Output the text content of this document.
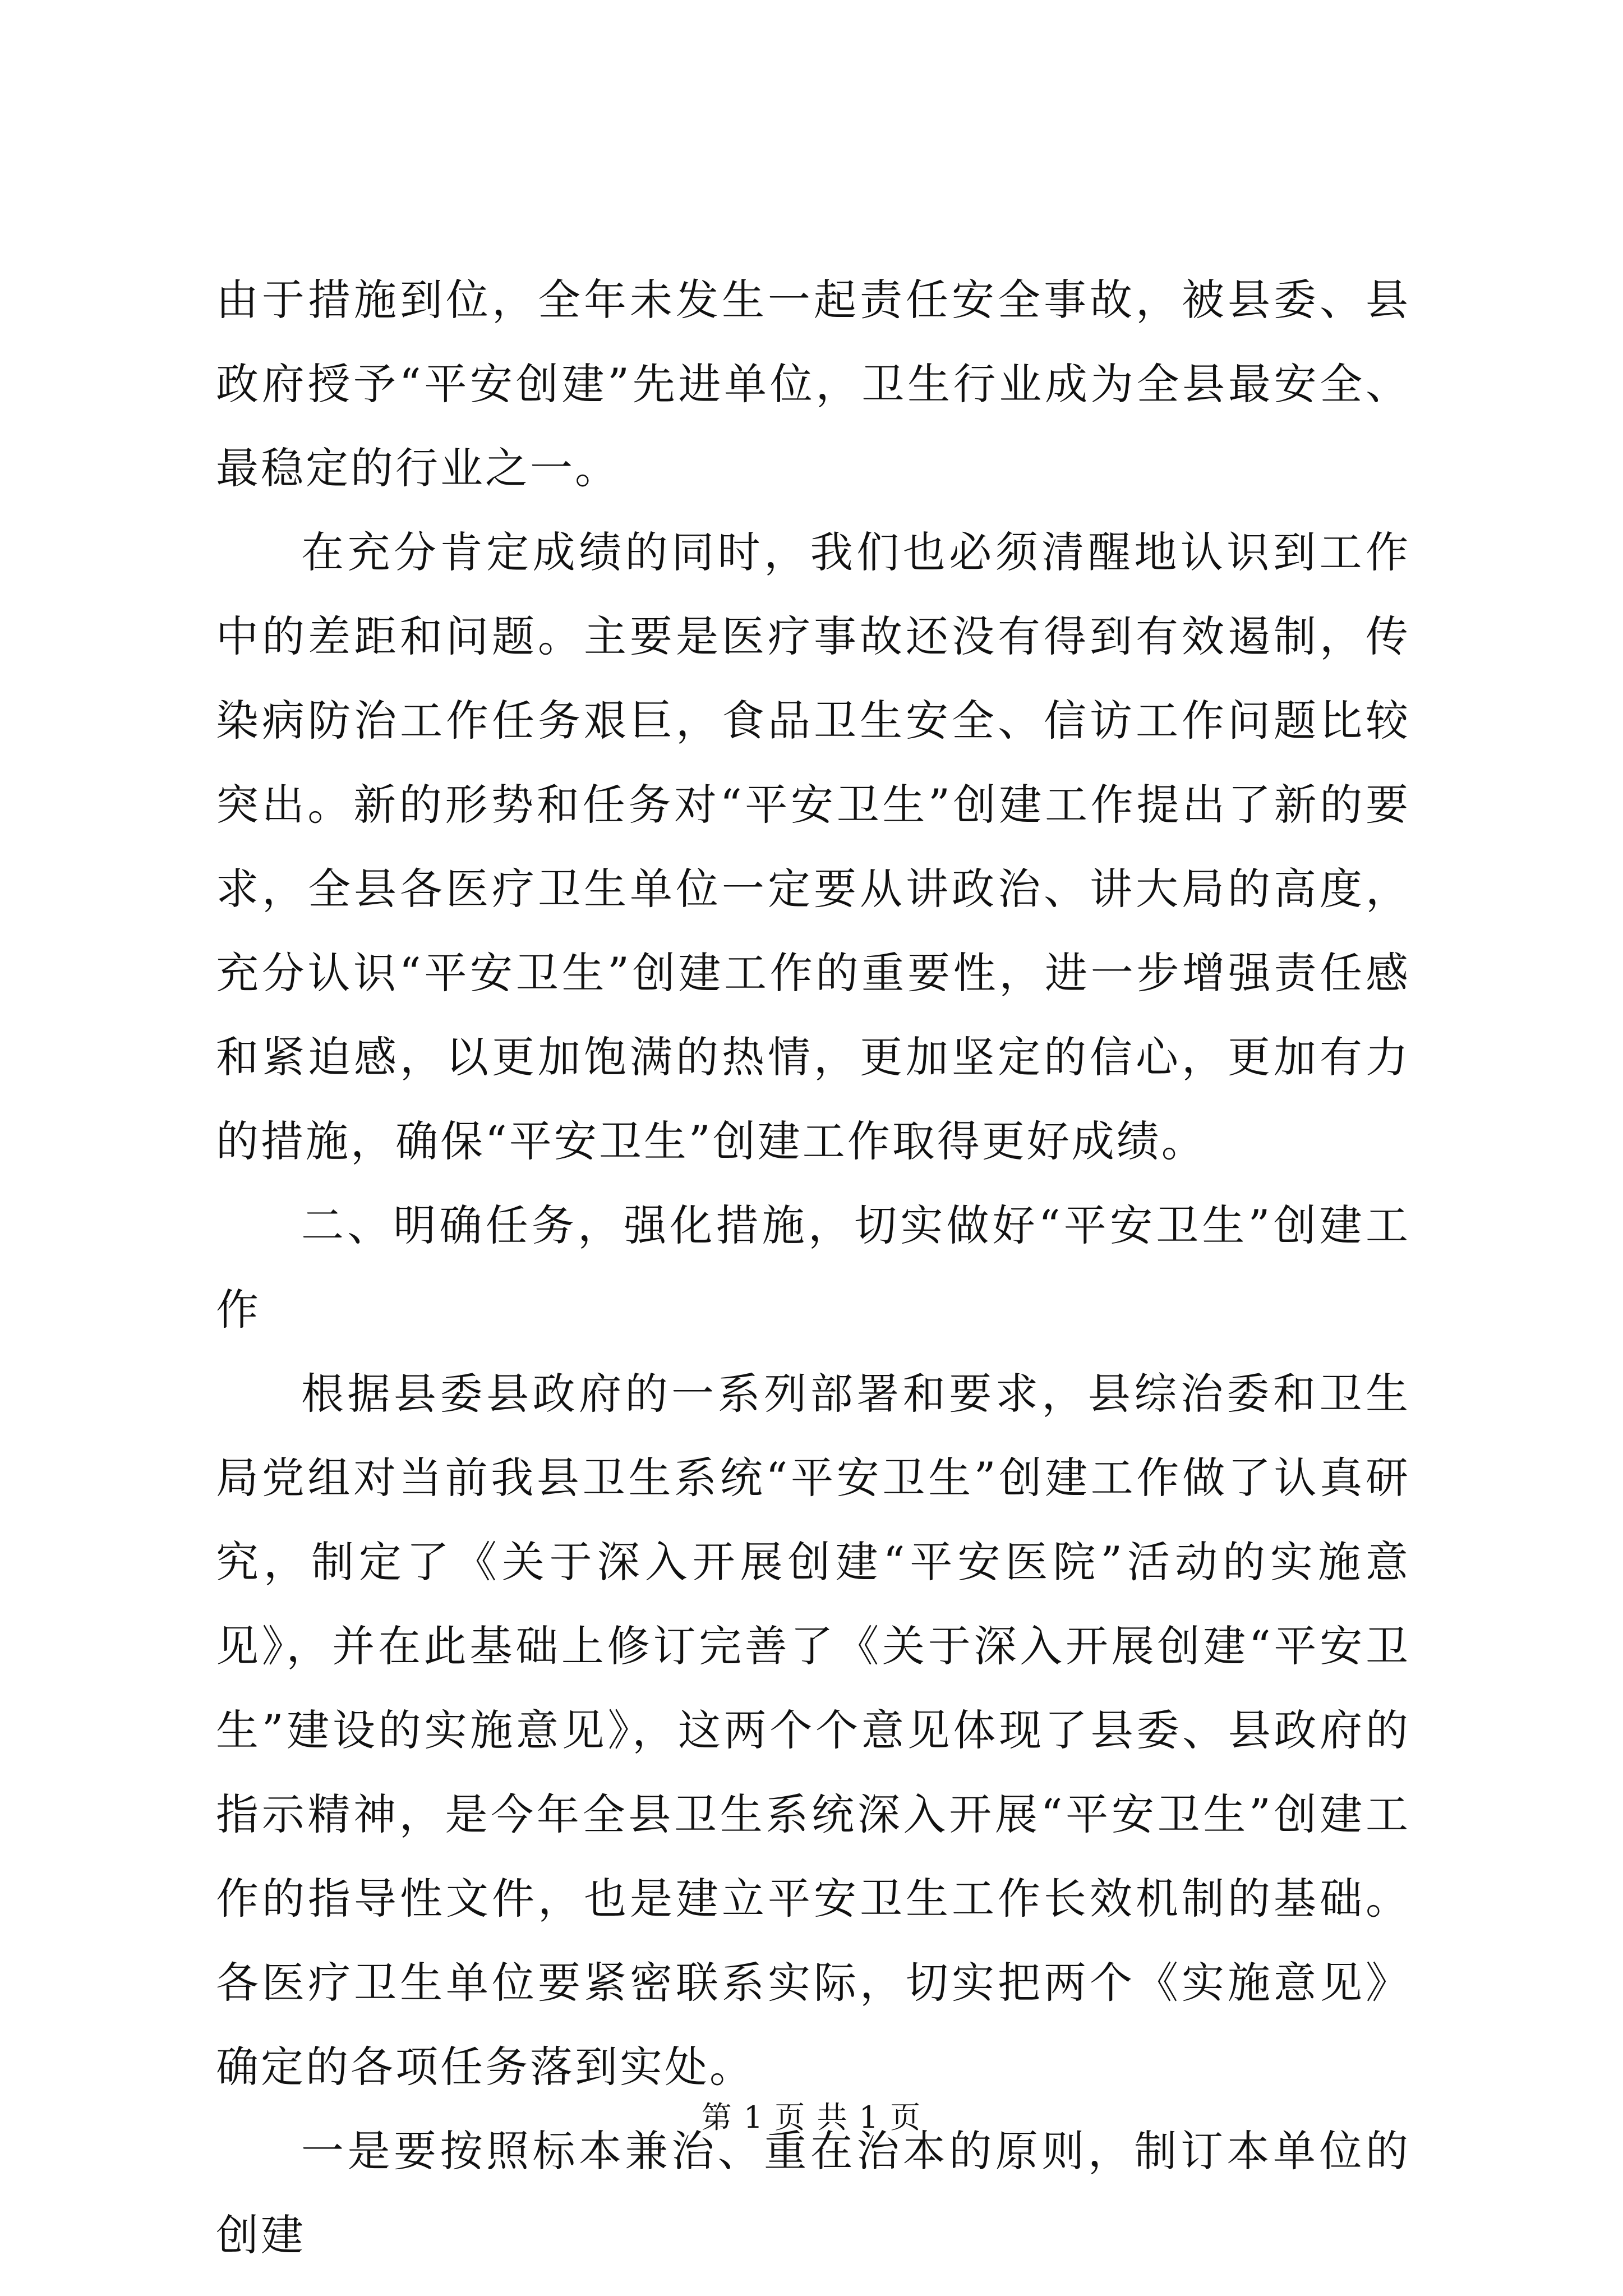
由于措施到位，全年未发生一起责任安全事故，被县委、县政府授予“平安创建”先进单位，卫生行业成为全县最安全、最稳定的行业之一。

在充分肯定成绩的同时，我们也必须清醒地认识到工作中的差距和问题。主要是医疗事故还没有得到有效遏制，传染病防治工作任务艰巨，食品卫生安全、信访工作问题比较突出。新的形势和任务对“平安卫生”创建工作提出了新的要求，全县各医疗卫生单位一定要从讲政治、讲大局的高度，充分认识“平安卫生”创建工作的重要性，进一步增强责任感和紧迫感，以更加饱满的热情，更加坚定的信心，更加有力的措施，确保“平安卫生”创建工作取得更好成绩。

二、明确任务，强化措施，切实做好“平安卫生”创建工作

根据县委县政府的一系列部署和要求，县综治委和卫生局党组对当前我县卫生系统“平安卫生”创建工作做了认真研究，制定了《关于深入开展创建“平安医院”活动的实施意见》，并在此基础上修订完善了《关于深入开展创建“平安卫生”建设的实施意见》，这两个个意见体现了县委、县政府的指示精神，是今年全县卫生系统深入开展“平安卫生”创建工作的指导性文件，也是建立平安卫生工作长效机制的基础。各医疗卫生单位要紧密联系实际，切实把两个《实施意见》确定的各项任务落到实处。

一是要按照标本兼治、重在治本的原则，制订本单位的创建

第 1 页 共 1 页
